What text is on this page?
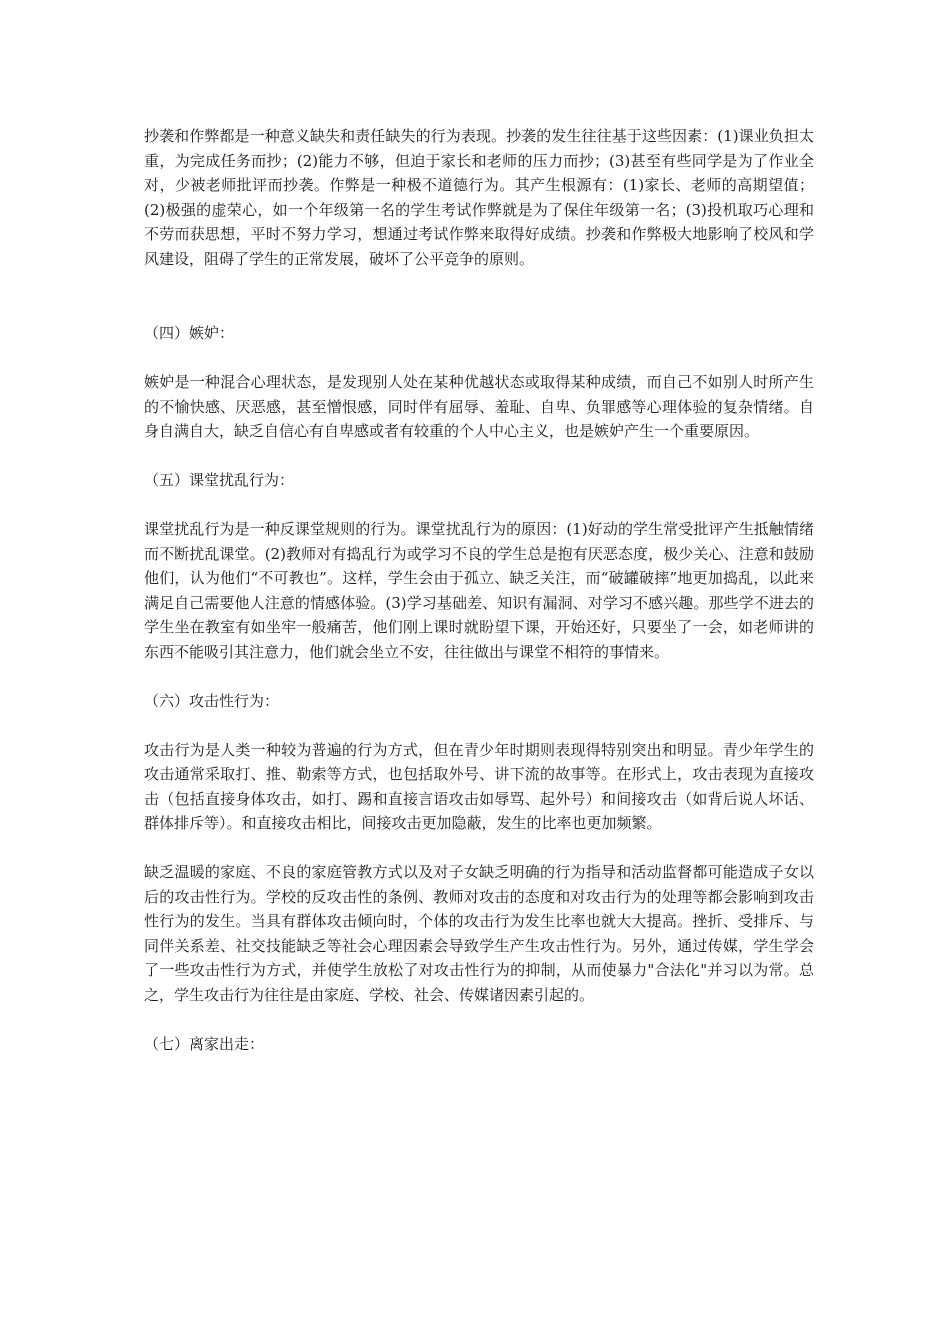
抄袭和作弊都是一种意义缺失和责任缺失的行为表现。抄袭的发生往往基于这些因素：(1)课业负担太重，为完成任务而抄；(2)能力不够，但迫于家长和老师的压力而抄；(3)甚至有些同学是为了作业全对，少被老师批评而抄袭。作弊是一种极不道德行为。其产生根源有：(1)家长、老师的高期望值；(2)极强的虚荣心，如一个年级第一名的学生考试作弊就是为了保住年级第一名；(3)投机取巧心理和不劳而获思想，平时不努力学习，想通过考试作弊来取得好成绩。抄袭和作弊极大地影响了校风和学风建设，阻碍了学生的正常发展，破坏了公平竞争的原则。

（四）嫉妒：

嫉妒是一种混合心理状态，是发现别人处在某种优越状态或取得某种成绩，而自己不如别人时所产生的不愉快感、厌恶感，甚至憎恨感，同时伴有屈辱、羞耻、自卑、负罪感等心理体验的复杂情绪。自身自满自大，缺乏自信心有自卑感或者有较重的个人中心主义，也是嫉妒产生一个重要原因。

（五）课堂扰乱行为：

课堂扰乱行为是一种反课堂规则的行为。课堂扰乱行为的原因：(1)好动的学生常受批评产生抵触情绪而不断扰乱课堂。(2)教师对有捣乱行为或学习不良的学生总是抱有厌恶态度，极少关心、注意和鼓励他们，认为他们“不可教也”。这样，学生会由于孤立、缺乏关注，而“破罐破摔”地更加捣乱，以此来满足自己需要他人注意的情感体验。(3)学习基础差、知识有漏洞、对学习不感兴趣。那些学不进去的学生坐在教室有如坐牢一般痛苦，他们刚上课时就盼望下课，开始还好，只要坐了一会，如老师讲的东西不能吸引其注意力，他们就会坐立不安，往往做出与课堂不相符的事情来。

（六）攻击性行为：

攻击行为是人类一种较为普遍的行为方式，但在青少年时期则表现得特别突出和明显。青少年学生的攻击通常采取打、推、勒索等方式，也包括取外号、讲下流的故事等。在形式上，攻击表现为直接攻击（包括直接身体攻击，如打、踢和直接言语攻击如辱骂、起外号）和间接攻击（如背后说人坏话、群体排斥等）。和直接攻击相比，间接攻击更加隐蔽，发生的比率也更加频繁。

缺乏温暖的家庭、不良的家庭管教方式以及对子女缺乏明确的行为指导和活动监督都可能造成子女以后的攻击性行为。学校的反攻击性的条例、教师对攻击的态度和对攻击行为的处理等都会影响到攻击性行为的发生。当具有群体攻击倾向时，个体的攻击行为发生比率也就大大提高。挫折、受排斥、与同伴关系差、社交技能缺乏等社会心理因素会导致学生产生攻击性行为。另外，通过传媒，学生学会了一些攻击性行为方式，并使学生放松了对攻击性行为的抑制，从而使暴力"合法化"并习以为常。总之，学生攻击行为往往是由家庭、学校、社会、传媒诸因素引起的。

（七）离家出走：
